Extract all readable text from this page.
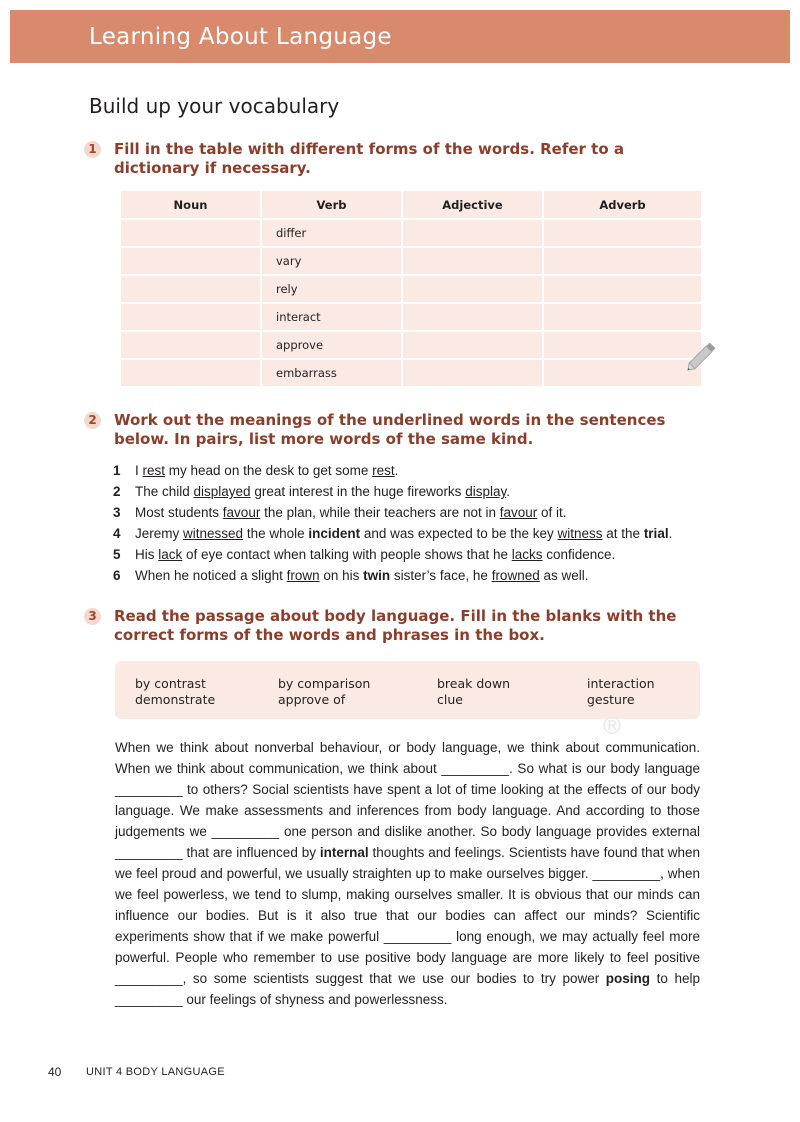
Learning About Language
Build up your vocabulary
1 Fill in the table with different forms of the words. Refer to a dictionary if necessary.
Noun	Verb	Adjective	Adverb
	differ		
	vary		
	rely		
	interact		
	approve		
	embarrass		
2 Work out the meanings of the underlined words in the sentences below. In pairs, list more words of the same kind.
1 I rest my head on the desk to get some rest.
2 The child displayed great interest in the huge fireworks display.
3 Most students favour the plan, while their teachers are not in favour of it.
4 Jeremy witnessed the whole incident and was expected to be the key witness at the trial.
5 His lack of eye contact when talking with people shows that he lacks confidence.
6 When he noticed a slight frown on his twin sister’s face, he frowned as well.
3 Read the passage about body language. Fill in the blanks with the correct forms of the words and phrases in the box.
by contrast
demonstrate
by comparison
approve of
break down
clue
interaction
gesture
®
When we think about nonverbal behaviour, or body language, we think about communication. When we think about communication, we think about _________. So what is our body language _________ to others? Social scientists have spent a lot of time looking at the effects of our body language. We make assessments and inferences from body language. And according to those judgements we _________ one person and dislike another. So body language provides external _________ that are influenced by internal thoughts and feelings. Scientists have found that when we feel proud and powerful, we usually straighten up to make ourselves bigger. _________, when we feel powerless, we tend to slump, making ourselves smaller. It is obvious that our minds can influence our bodies. But is it also true that our bodies can affect our minds? Scientific experiments show that if we make powerful _________ long enough, we may actually feel more powerful. People who remember to use positive body language are more likely to feel positive _________, so some scientists suggest that we use our bodies to try power posing to help _________ our feelings of shyness and powerlessness.
40 UNIT 4 BODY LANGUAGE
